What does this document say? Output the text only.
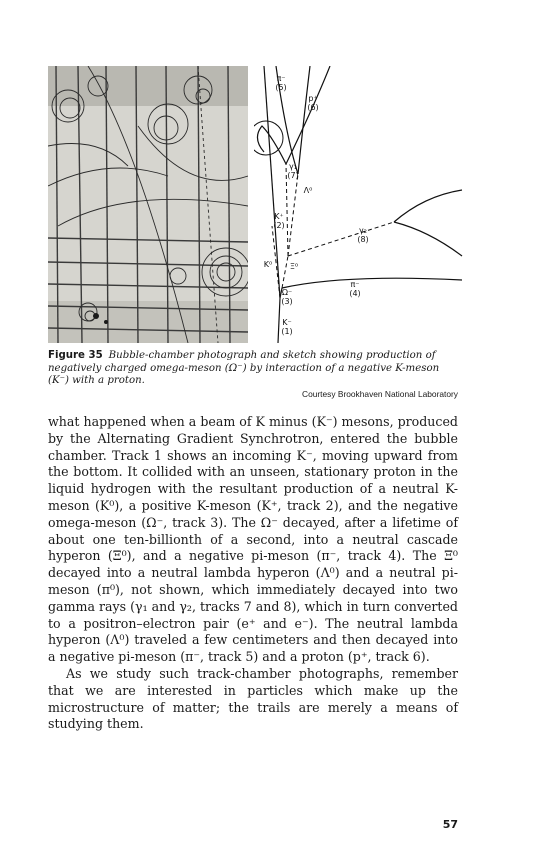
π⁻
(5)
p⁺
(6)
γ₁
(7)
Λ⁰
K⁺
(2)
γ₂
(8)
K⁰	Ξ⁰
π⁻
(4)
Ω⁻
(3)
K⁻
(1)
Figure 35 Bubble-chamber photograph and sketch showing production of negatively charged omega-meson (Ω⁻) by interaction of a negative K-meson (K⁻) with a proton.
Courtesy Brookhaven National Laboratory

what happened when a beam of K minus (K⁻) mesons, produced by the Alternating Gradient Synchrotron, entered the bubble chamber. Track 1 shows an incoming K⁻, moving upward from the bottom. It collided with an unseen, stationary proton in the liquid hydrogen with the resultant production of a neutral K-meson (K⁰), a positive K-meson (K⁺, track 2), and the negative omega-meson (Ω⁻, track 3). The Ω⁻ decayed, after a lifetime of about one ten-billionth of a second, into a neutral cascade hyperon (Ξ⁰), and a negative pi-meson (π⁻, track 4). The Ξ⁰ decayed into a neutral lambda hyperon (Λ⁰) and a neutral pi-meson (π⁰), not shown, which immediately decayed into two gamma rays (γ₁ and γ₂, tracks 7 and 8), which in turn converted to a positron–electron pair (e⁺ and e⁻). The neutral lambda hyperon (Λ⁰) traveled a few centimeters and then decayed into a negative pi-meson (π⁻, track 5) and a proton (p⁺, track 6).

As we study such track-chamber photographs, remember that we are interested in particles which make up the microstructure of matter; the trails are merely a means of studying them.

57
